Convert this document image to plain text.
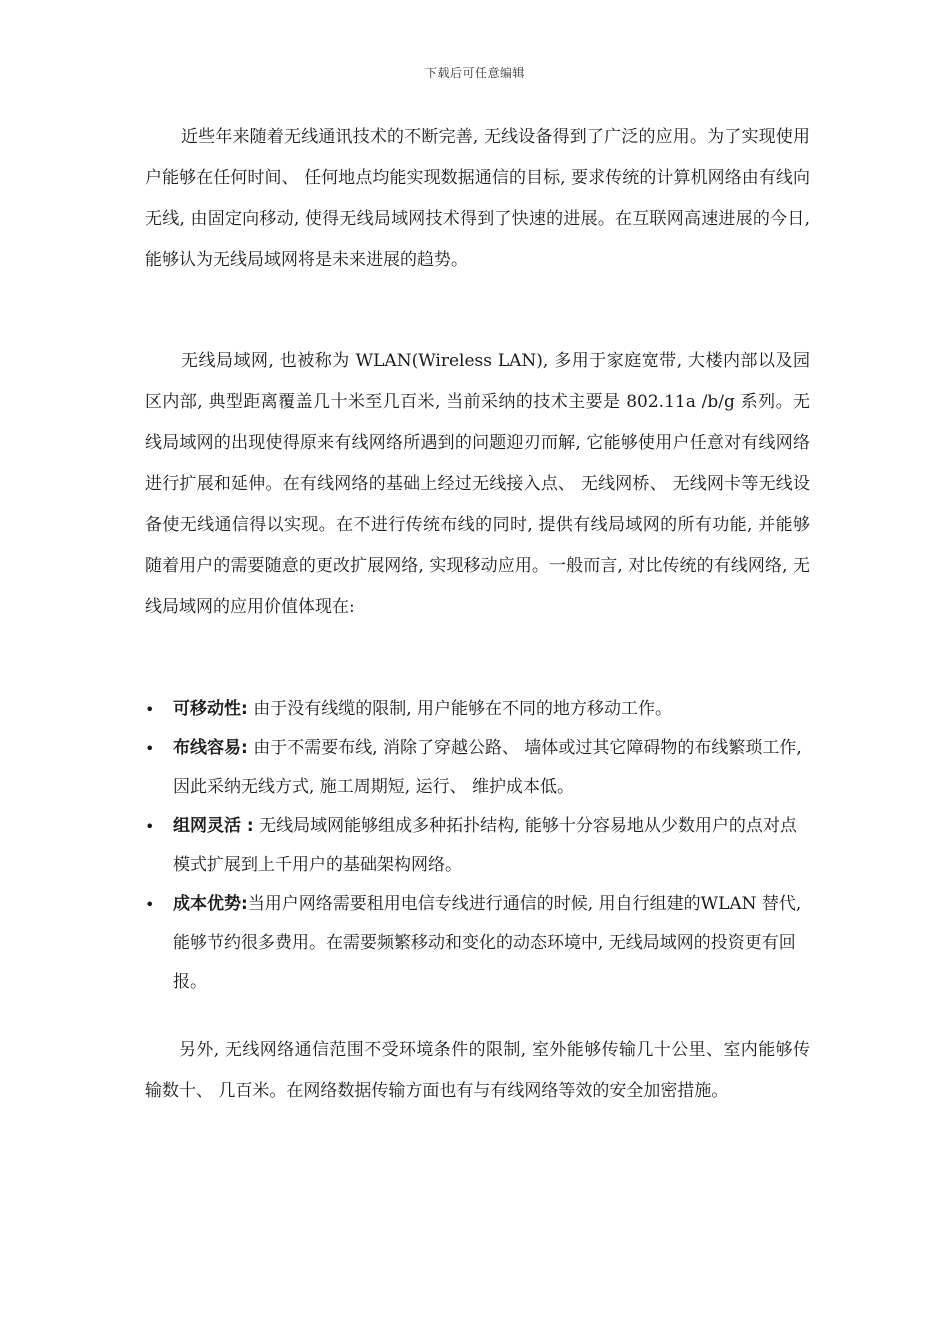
下载后可任意编辑

近些年来随着无线通讯技术的不断完善, 无线设备得到了广泛的应用。为了实现使用户能够在任何时间、 任何地点均能实现数据通信的目标, 要求传统的计算机网络由有线向无线, 由固定向移动, 使得无线局域网技术得到了快速的进展。在互联网高速进展的今日, 能够认为无线局域网将是未来进展的趋势。

无线局域网, 也被称为 WLAN(Wireless LAN), 多用于家庭宽带, 大楼内部以及园区内部, 典型距离覆盖几十米至几百米, 当前采纳的技术主要是 802.11a /b/g 系列。无线局域网的出现使得原来有线网络所遇到的问题迎刃而解, 它能够使用户任意对有线网络进行扩展和延伸。在有线网络的基础上经过无线接入点、 无线网桥、 无线网卡等无线设备使无线通信得以实现。在不进行传统布线的同时, 提供有线局域网的所有功能, 并能够随着用户的需要随意的更改扩展网络, 实现移动应用。一般而言, 对比传统的有线网络, 无线局域网的应用价值体现在:

• 可移动性: 由于没有线缆的限制, 用户能够在不同的地方移动工作。
• 布线容易: 由于不需要布线, 消除了穿越公路、 墙体或过其它障碍物的布线繁琐工作, 因此采纳无线方式, 施工周期短, 运行、 维护成本低。
• 组网灵活 : 无线局域网能够组成多种拓扑结构, 能够十分容易地从少数用户的点对点模式扩展到上千用户的基础架构网络。
• 成本优势:当用户网络需要租用电信专线进行通信的时候, 用自行组建的WLAN 替代, 能够节约很多费用。在需要频繁移动和变化的动态环境中, 无线局域网的投资更有回报。

另外, 无线网络通信范围不受环境条件的限制, 室外能够传输几十公里、室内能够传输数十、 几百米。在网络数据传输方面也有与有线网络等效的安全加密措施。
